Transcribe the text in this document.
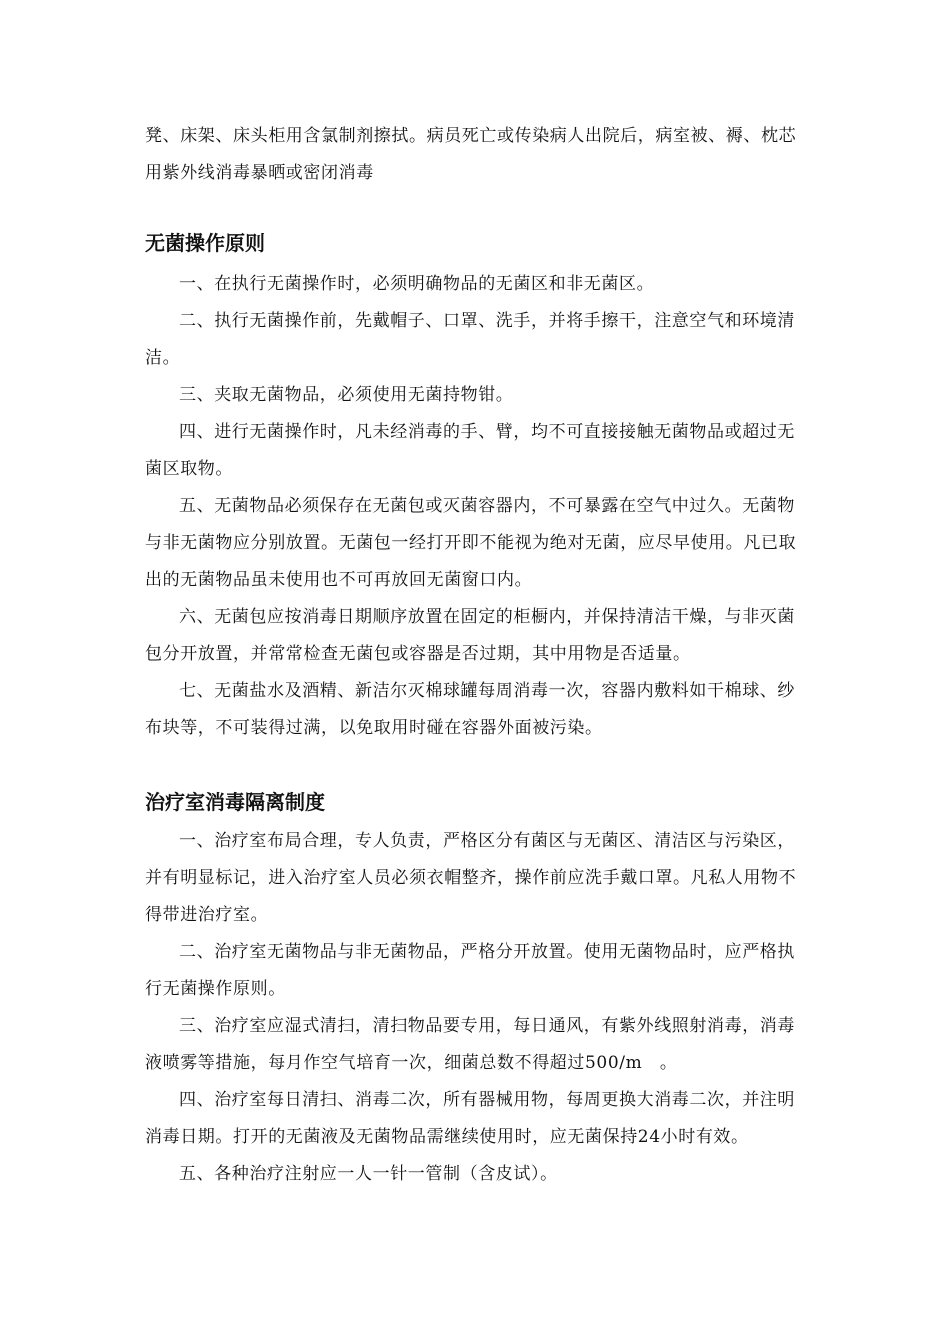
凳、床架、床头柜用含氯制剂擦拭。病员死亡或传染病人出院后，病室被、褥、枕芯用紫外线消毒暴晒或密闭消毒

无菌操作原则

一、在执行无菌操作时，必须明确物品的无菌区和非无菌区。

二、执行无菌操作前，先戴帽子、口罩、洗手，并将手擦干，注意空气和环境清洁。

三、夹取无菌物品，必须使用无菌持物钳。

四、进行无菌操作时，凡未经消毒的手、臂，均不可直接接触无菌物品或超过无菌区取物。

五、无菌物品必须保存在无菌包或灭菌容器内，不可暴露在空气中过久。无菌物与非无菌物应分别放置。无菌包一经打开即不能视为绝对无菌，应尽早使用。凡已取出的无菌物品虽未使用也不可再放回无菌窗口内。

六、无菌包应按消毒日期顺序放置在固定的柜橱内，并保持清洁干燥，与非灭菌包分开放置，并常常检查无菌包或容器是否过期，其中用物是否适量。

七、无菌盐水及酒精、新洁尔灭棉球罐每周消毒一次，容器内敷料如干棉球、纱布块等，不可装得过满，以免取用时碰在容器外面被污染。

治疗室消毒隔离制度

一、治疗室布局合理，专人负责，严格区分有菌区与无菌区、清洁区与污染区，并有明显标记，进入治疗室人员必须衣帽整齐，操作前应洗手戴口罩。凡私人用物不得带进治疗室。

二、治疗室无菌物品与非无菌物品，严格分开放置。使用无菌物品时，应严格执行无菌操作原则。

三、治疗室应湿式清扫，清扫物品要专用，每日通风，有紫外线照射消毒，消毒液喷雾等措施，每月作空气培育一次，细菌总数不得超过500/m　。

四、治疗室每日清扫、消毒二次，所有器械用物，每周更换大消毒二次，并注明消毒日期。打开的无菌液及无菌物品需继续使用时，应无菌保持24小时有效。

五、各种治疗注射应一人一针一管制（含皮试）。
